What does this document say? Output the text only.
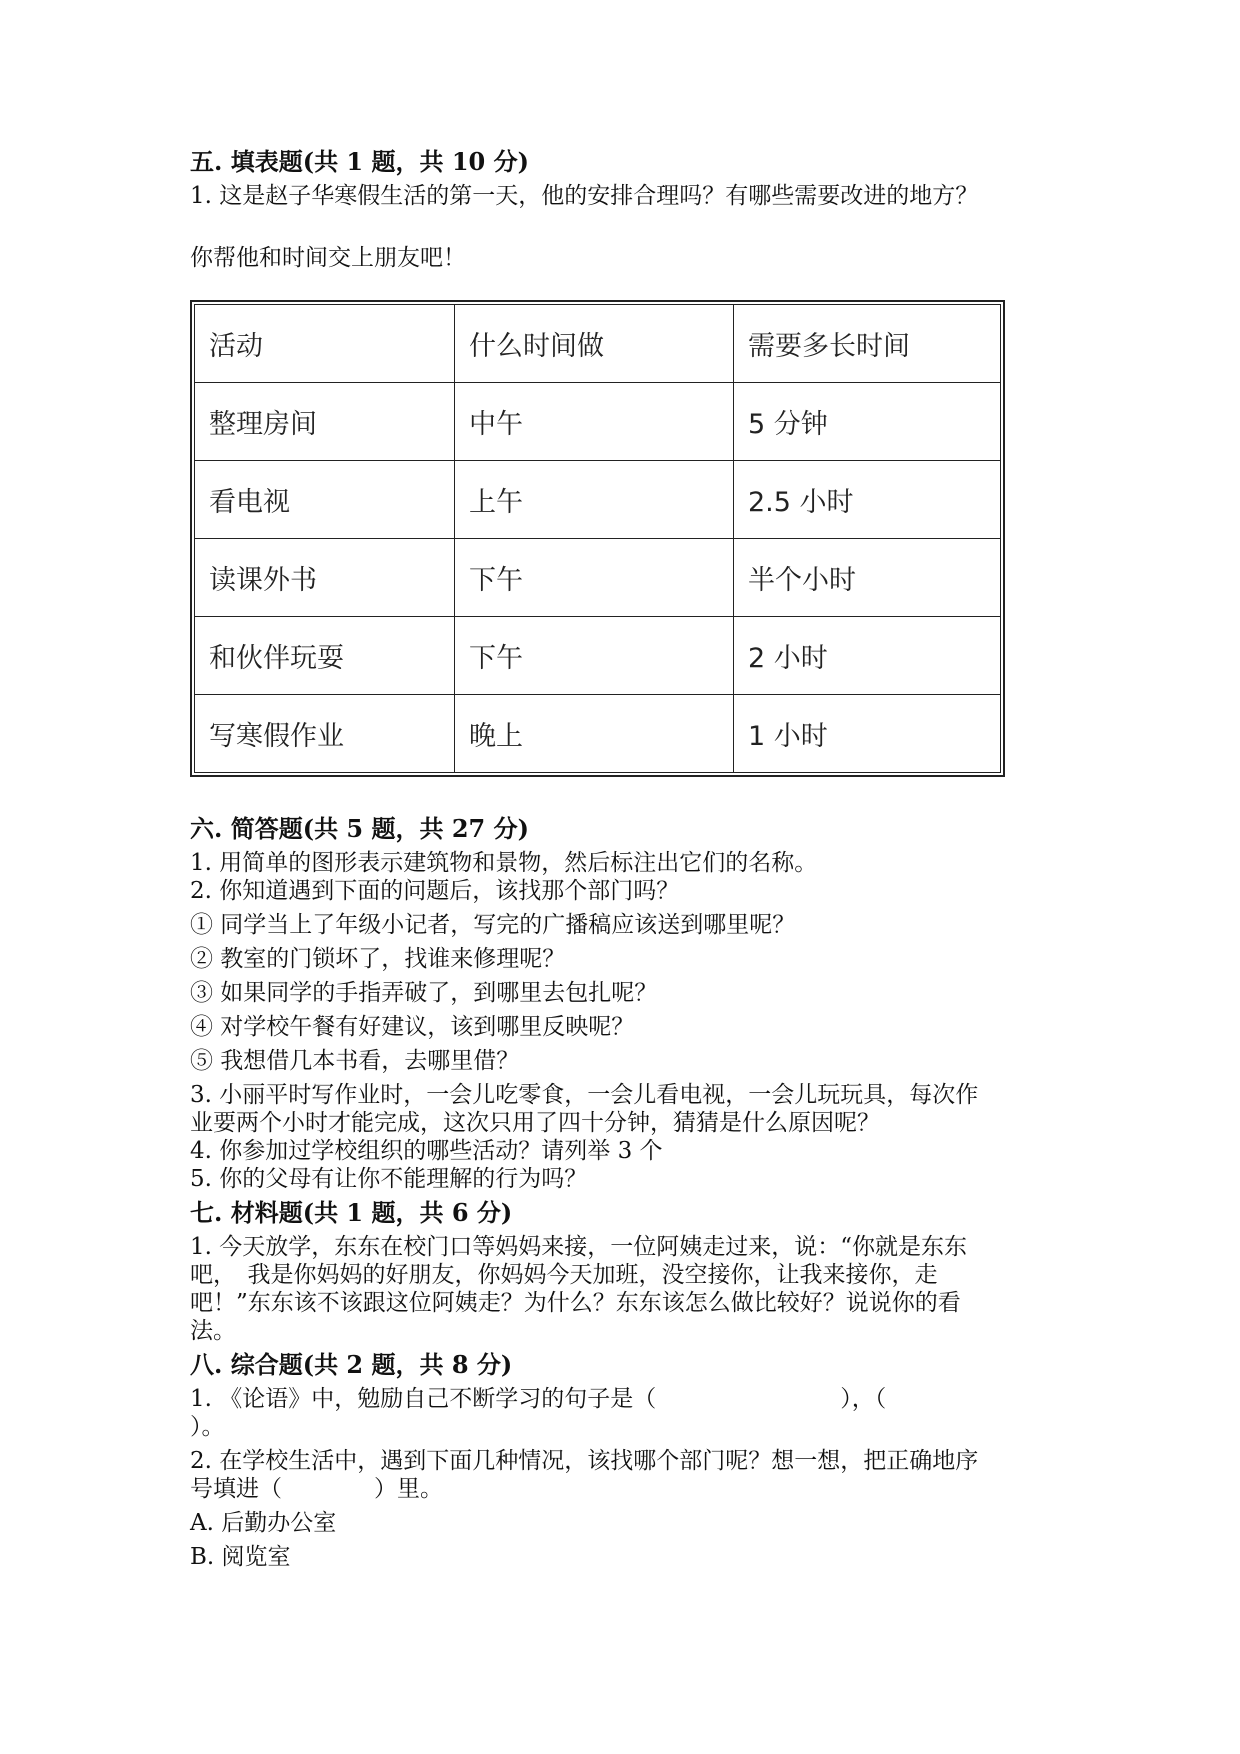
五. 填表题(共 1 题，共 10 分)
1. 这是赵子华寒假生活的第一天，他的安排合理吗？有哪些需要改进的地方？
你帮他和时间交上朋友吧！
活动	什么时间做	需要多长时间
整理房间	中午	5 分钟
看电视	上午	2.5 小时
读课外书	下午	半个小时
和伙伴玩耍	下午	2 小时
写寒假作业	晚上	1 小时
六. 简答题(共 5 题，共 27 分)
1. 用简单的图形表示建筑物和景物，然后标注出它们的名称。
2. 你知道遇到下面的问题后，该找那个部门吗？
① 同学当上了年级小记者，写完的广播稿应该送到哪里呢？
② 教室的门锁坏了，找谁来修理呢？
③ 如果同学的手指弄破了，到哪里去包扎呢？
④ 对学校午餐有好建议，该到哪里反映呢？
⑤ 我想借几本书看，去哪里借？
3. 小丽平时写作业时，一会儿吃零食，一会儿看电视，一会儿玩玩具，每次作
业要两个小时才能完成，这次只用了四十分钟，猜猜是什么原因呢？
4. 你参加过学校组织的哪些活动？请列举 3 个
5. 你的父母有让你不能理解的行为吗？
七. 材料题(共 1 题，共 6 分)
1. 今天放学，东东在校门口等妈妈来接，一位阿姨走过来，说：“你就是东东
吧，　我是你妈妈的好朋友，你妈妈今天加班，没空接你，让我来接你，走
吧！”东东该不该跟这位阿姨走？为什么？东东该怎么做比较好？说说你的看
法。
八. 综合题(共 2 题，共 8 分)
1. 《论语》中，勉励自己不断学习的句子是（　　　　　　　　），（
）。
2. 在学校生活中，遇到下面几种情况，该找哪个部门呢？想一想，把正确地序
号填进（　　　　）里。
A. 后勤办公室
B. 阅览室
